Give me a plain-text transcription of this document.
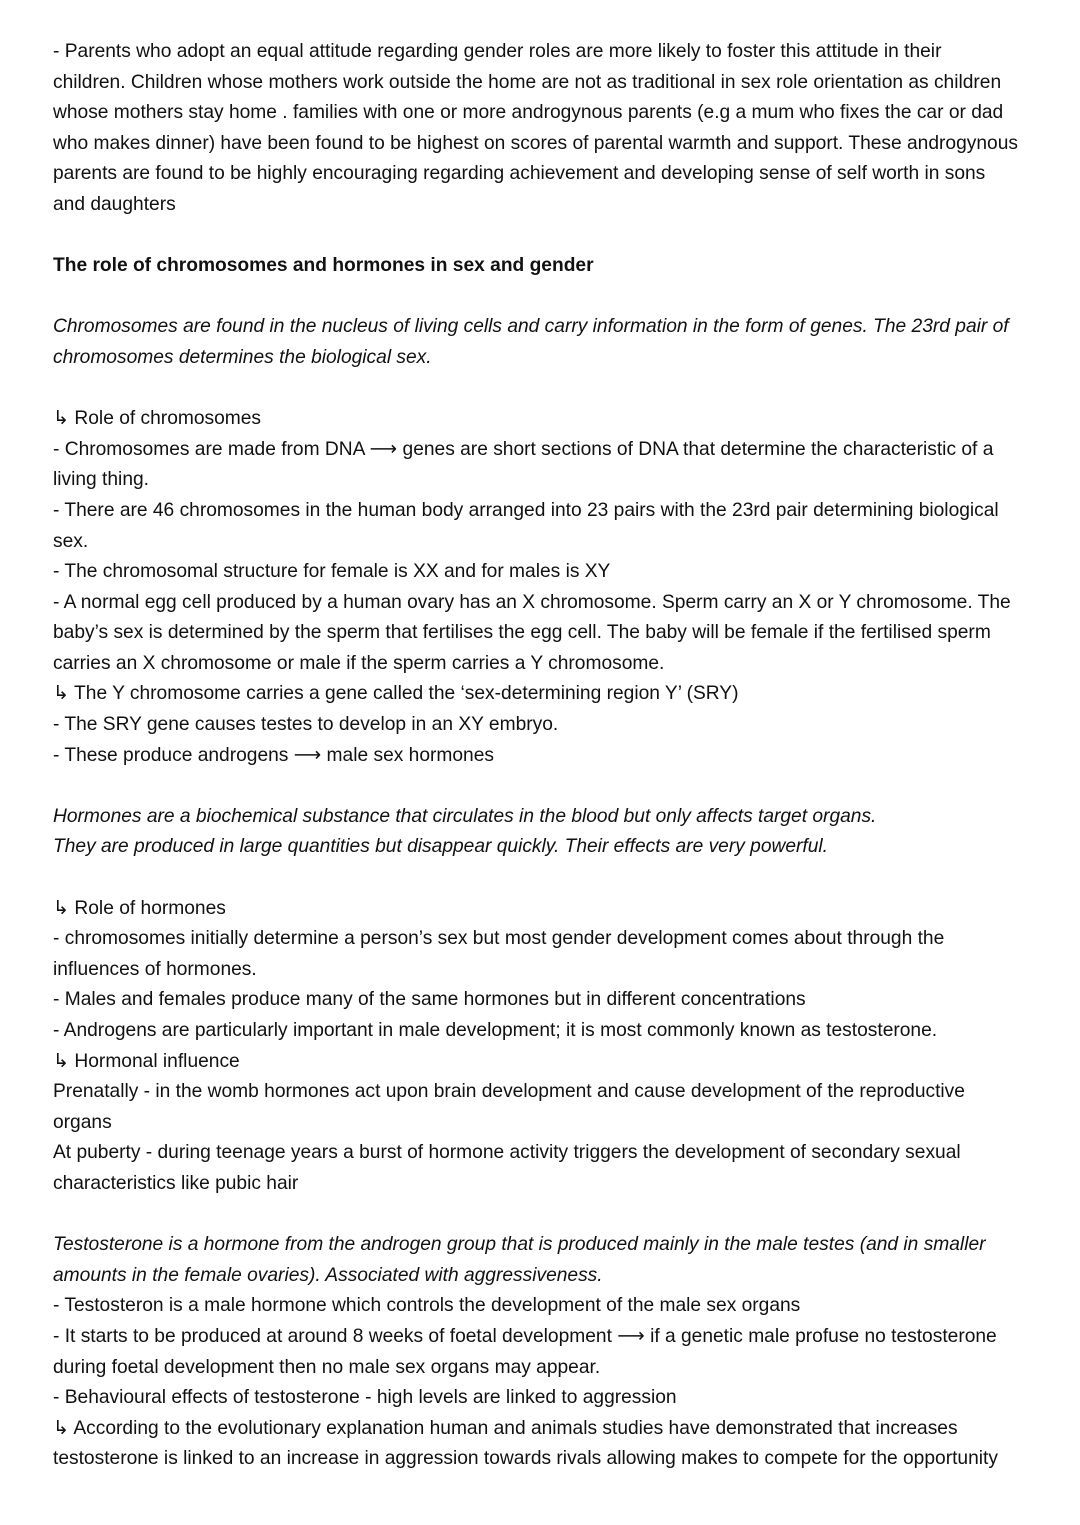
- Parents who adopt an equal attitude regarding gender roles are more likely to foster this attitude in their
children. Children whose mothers work outside the home are not as traditional in sex role orientation as children
whose mothers stay home . families with one or more androgynous parents (e.g a mum who fixes the car or dad
who makes dinner) have been found to be highest on scores of parental warmth and support. These androgynous
parents are found to be highly encouraging regarding achievement and developing sense of self worth in sons
and daughters
The role of chromosomes and hormones in sex and gender
Chromosomes are found in the nucleus of living cells and carry information in the form of genes. The 23rd pair of
chromosomes determines the biological sex.
↳ Role of chromosomes
- Chromosomes are made from DNA ⟶ genes are short sections of DNA that determine the characteristic of a
living thing.
- There are 46 chromosomes in the human body arranged into 23 pairs with the 23rd pair determining biological
sex.
- The chromosomal structure for female is XX and for males is XY
- A normal egg cell produced by a human ovary has an X chromosome. Sperm carry an X or Y chromosome. The
baby’s sex is determined by the sperm that fertilises the egg cell. The baby will be female if the fertilised sperm
carries an X chromosome or male if the sperm carries a Y chromosome.
↳ The Y chromosome carries a gene called the ‘sex-determining region Y’ (SRY)
- The SRY gene causes testes to develop in an XY embryo.
- These produce androgens ⟶ male sex hormones
Hormones are a biochemical substance that circulates in the blood but only affects target organs.
They are produced in large quantities but disappear quickly. Their effects are very powerful.
↳ Role of hormones
- chromosomes initially determine a person’s sex but most gender development comes about through the
influences of hormones.
- Males and females produce many of the same hormones but in different concentrations
- Androgens are particularly important in male development; it is most commonly known as testosterone.
↳ Hormonal influence
Prenatally - in the womb hormones act upon brain development and cause development of the reproductive
organs
At puberty - during teenage years a burst of hormone activity triggers the development of secondary sexual
characteristics like pubic hair
Testosterone is a hormone from the androgen group that is produced mainly in the male testes (and in smaller
amounts in the female ovaries). Associated with aggressiveness.
- Testosteron is a male hormone which controls the development of the male sex organs
- It starts to be produced at around 8 weeks of foetal development ⟶ if a genetic male profuse no testosterone
during foetal development then no male sex organs may appear.
- Behavioural effects of testosterone - high levels are linked to aggression
↳ According to the evolutionary explanation human and animals studies have demonstrated that increases
testosterone is linked to an increase in aggression towards rivals allowing makes to compete for the opportunity
